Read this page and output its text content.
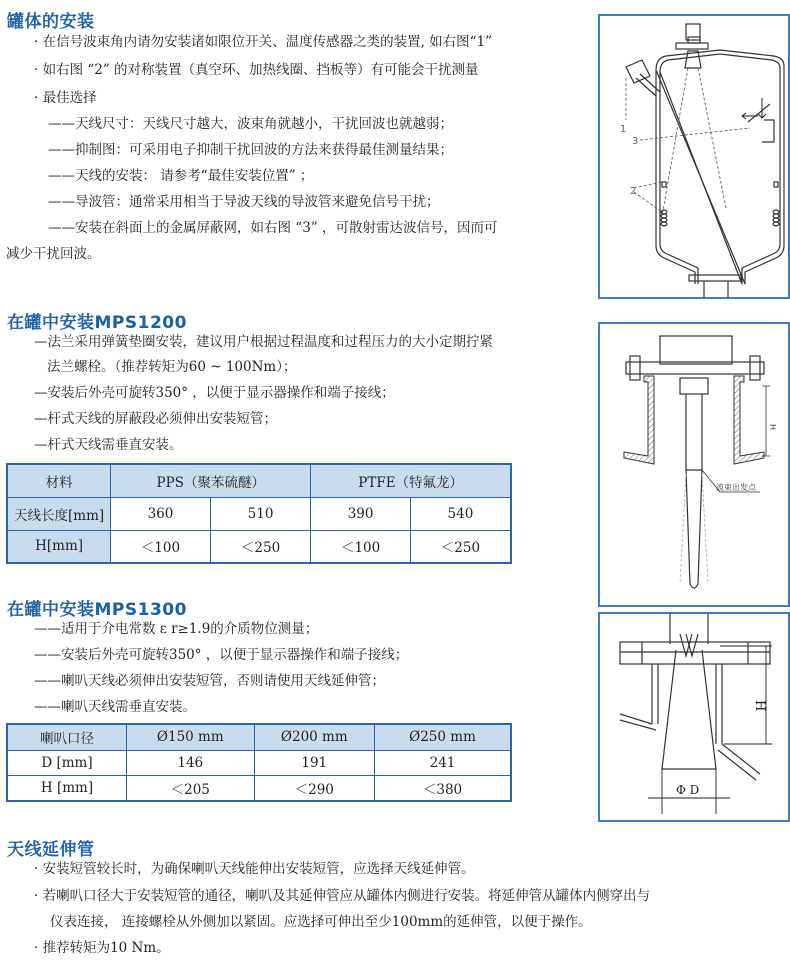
罐体的安装
· 在信号波束角内请勿安装诸如限位开关、温度传感器之类的装置, 如右图“1”
· 如右图 “2” 的对称装置（真空环、加热线圈、挡板等）有可能会干扰测量
· 最佳选择
——天线尺寸：天线尺寸越大，波束角就越小，干扰回波也就越弱；
——抑制图：可采用电子抑制干扰回波的方法来获得最佳测量结果；
——天线的安装： 请参考“最佳安装位置” ；
——导波管：通常采用相当于导波天线的导波管来避免信号干扰；
——安装在斜面上的金属屏蔽网，如右图 “3” ，可散射雷达波信号，因而可
减少干扰回波。
1
2
3
在罐中安装MPS1200
—法兰采用弹簧垫圈安装，建议用户根据过程温度和过程压力的大小定期拧紧
法兰螺栓。（推荐转矩为60 ~ 100Nm）；
—安装后外壳可旋转350° ，以便于显示器操作和端子接线；
—杆式天线的屏蔽段必须伸出安装短管；
—杆式天线需垂直安装。
材料	PPS（聚苯硫醚）		PTFE（特氟龙）	
天线长度[mm]	360	510	390	540
H[mm]	＜100	＜250	＜100	＜250
H
波束出发点
在罐中安装MPS1300
——适用于介电常数 ε r≥1.9的介质物位测量；
——安装后外壳可旋转350° ，以便于显示器操作和端子接线；
——喇叭天线必须伸出安装短管，否则请使用天线延伸管；
——喇叭天线需垂直安装。
喇叭口径	Ø150 mm	Ø200 mm	Ø250 mm
D [mm]	146	191	241
H [mm]	＜205	＜290	＜380
H
Φ D
天线延伸管
· 安装短管较长时，为确保喇叭天线能伸出安装短管，应选择天线延伸管。
· 若喇叭口径大于安装短管的通径，喇叭及其延伸管应从罐体内侧进行安装。将延伸管从罐体内侧穿出与
仪表连接， 连接螺栓从外侧加以紧固。应选择可伸出至少100mm的延伸管，以便于操作。
· 推荐转矩为10 Nm。
